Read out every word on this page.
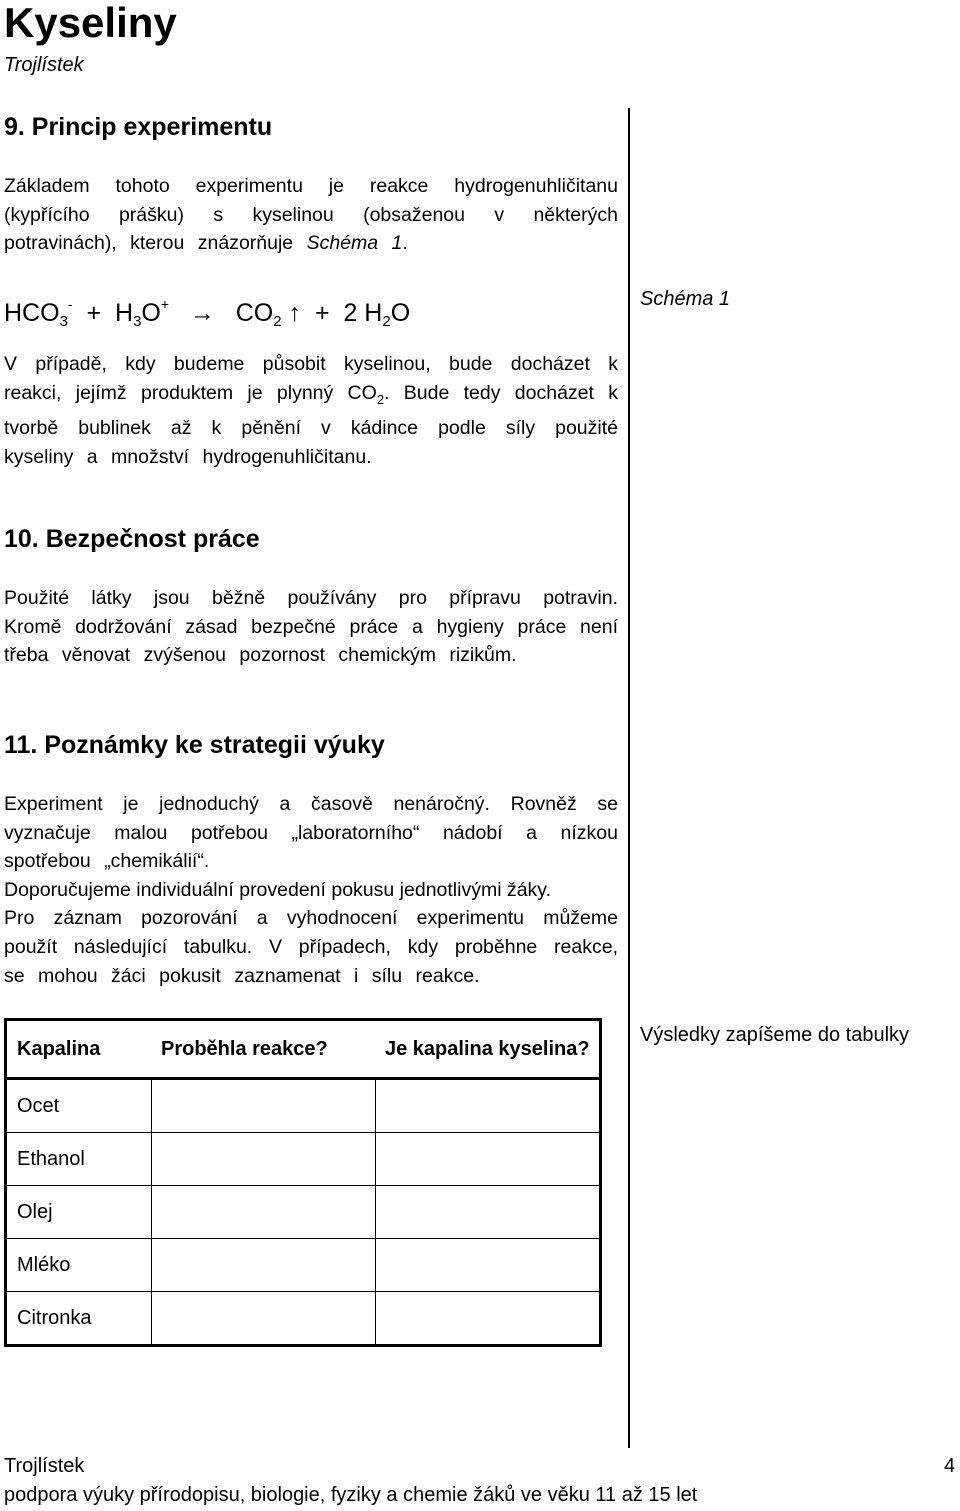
Kyseliny
Trojlístek
9. Princip experimentu

Základem tohoto experimentu je reakce hydrogenuhličitanu (kypřícího prášku) s kyselinou (obsaženou v některých potravinách), kterou znázorňuje Schéma 1.

$HCO_3^- + H_3O^+ \to CO_2$ ↑ + 2 $H_2O$	Schéma 1

V případě, kdy budeme působit kyselinou, bude docházet k reakci, jejímž produktem je plynný $CO_2$. Bude tedy docházet k tvorbě bublinek až k pěnění v kádince podle síly použité kyseliny a množství hydrogenuhličitanu.

10. Bezpečnost práce

Použité látky jsou běžně používány pro přípravu potravin. Kromě dodržování zásad bezpečné práce a hygieny práce není třeba věnovat zvýšenou pozornost chemickým rizikům.

11. Poznámky ke strategii výuky

Experiment je jednoduchý a časově nenáročný. Rovněž se vyznačuje malou potřebou „laboratorního“ nádobí a nízkou spotřebou „chemikálií“.

Doporučujeme individuální provedení pokusu jednotlivými žáky.

Pro záznam pozorování a vyhodnocení experimentu můžeme použít následující tabulku. V případech, kdy proběhne reakce, se mohou žáci pokusit zaznamenat i sílu reakce.

Kapalina	Proběhla reakce?	Je kapalina kyselina?
Ocet		
Ethanol		
Olej		
Mléko		
Citronka		
Výsledky zapíšeme do tabulky
Trojlístek	4
podpora výuky přírodopisu, biologie, fyziky a chemie žáků ve věku 11 až 15 let
